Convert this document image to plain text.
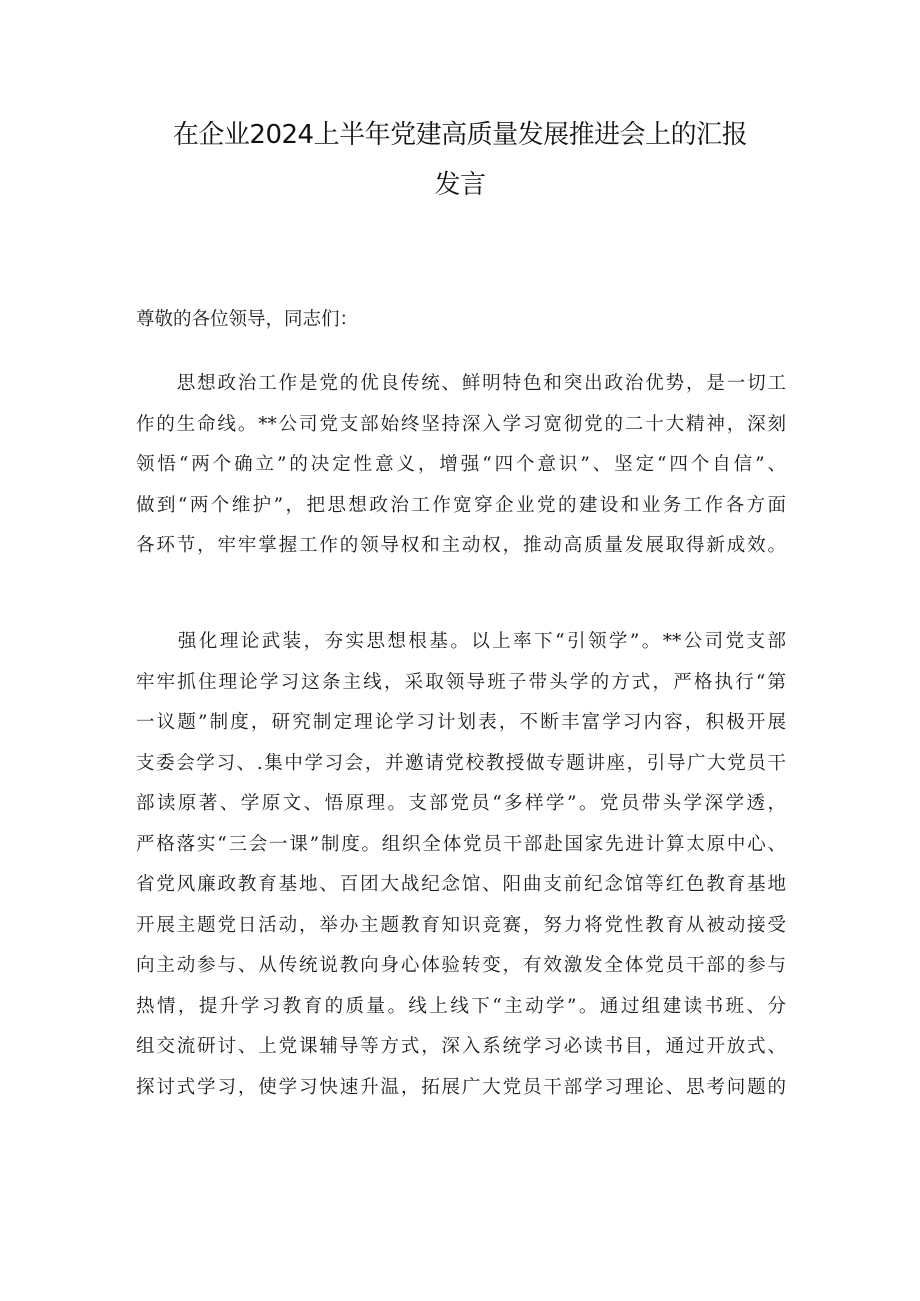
在企业2024上半年党建高质量发展推进会上的汇报
发言

尊敬的各位领导，同志们：

　　思想政治工作是党的优良传统、鲜明特色和突出政治优势，是一切工
作的生命线。**公司党支部始终坚持深入学习宽彻党的二十大精神，深刻
领悟“两个确立”的决定性意义，增强“四个意识”、坚定“四个自信”、
做到“两个维护”，把思想政治工作宽穿企业党的建设和业务工作各方面
各环节，牢牢掌握工作的领导权和主动权，推动高质量发展取得新成效。
　　强化理论武装，夯实思想根基。以上率下“引领学”。**公司党支部
牢牢抓住理论学习这条主线，采取领导班子带头学的方式，严格执行“第
一议题”制度，研究制定理论学习计划表，不断丰富学习内容，积极开展
支委会学习、.集中学习会，并邀请党校教授做专题讲座，引导广大党员干
部读原著、学原文、悟原理。支部党员“多样学”。党员带头学深学透，
严格落实“三会一课”制度。组织全体党员干部赴国家先进计算太原中心、
省党风廉政教育基地、百团大战纪念馆、阳曲支前纪念馆等红色教育基地
开展主题党日活动，举办主题教育知识竞赛，努力将党性教育从被动接受
向主动参与、从传统说教向身心体验转变，有效激发全体党员干部的参与
热情，提升学习教育的质量。线上线下“主动学”。通过组建读书班、分
组交流研讨、上党课辅导等方式，深入系统学习必读书目，通过开放式、
探讨式学习，使学习快速升温，拓展广大党员干部学习理论、思考问题的
